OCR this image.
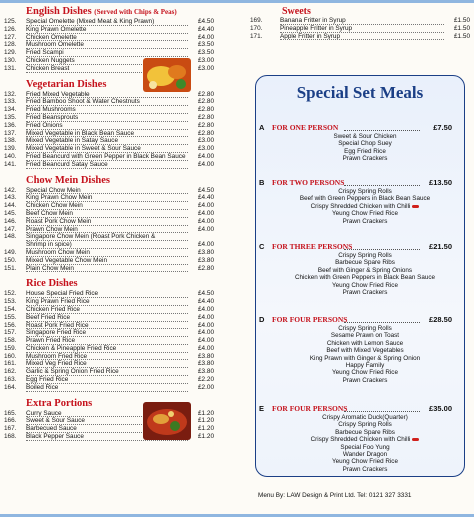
English Dishes (Served with Chips & Peas)
125.	Special Omelette (Mixed Meat & King Prawn)	£4.50
126.	King Prawn Omelette	£4.40
127.	Chicken Omelette	£4.00
128.	Mushroom Omelette	£3.50
129.	Fried Scampi	£3.50
130.	Chicken Nuggets	£3.00
131.	Chicken Breast	£3.00
Vegetarian Dishes
132.	Fried Mixed Vegetable	£2.80
133.	Fried Bamboo Shoot & Water Chestnuts	£2.80
134.	Fried Mushrooms	£2.80
135.	Fried Beansprouts	£2.80
136.	Fried Onions	£2.80
137.	Mixed Vegetable in Black Bean Sauce	£2.80
138.	Mixed Vegetable in Satay Sauce	£3.00
139.	Mixed Vegetable in Sweet & Sour Sauce	£3.00
140.	Fried Beancurd with Green Pepper in Black Bean Sauce	£4.00
141.	Fried Beancurd Satay Sauce	£4.00
Chow Mein Dishes
142.	Special Chow Mein	£4.50
143.	King Prawn Chow Mein	£4.40
144.	Chicken Chow Mein	£4.00
145.	Beef Chow Mein	£4.00
146.	Roast Pork Chow Mein	£4.00
147.	Prawn Chow Mein	£4.00
148.	Singapore Chow Mein (Roast Pork Chicken &
Shrimp in spice)	£4.00
149.	Mushroom Chow Mein	£3.80
150.	Mixed Vegetable Chow Mein	£3.80
151.	Plain Chow Mein	£2.80
Rice Dishes
152.	House Special Fried Rice	£4.50
153.	King Prawn Fried Rice	£4.40
154.	Chicken Fried Rice	£4.00
155.	Beef Fried Rice	£4.00
156.	Roast Pork Fried Rice	£4.00
157.	Singapore Fried Rice	£4.00
158.	Prawn Fried Rice	£4.00
159.	Chicken & Pineapple Fried Rice	£4.00
160.	Mushroom Fried Rice	£3.80
161.	Mixed Veg Fried Rice	£3.80
162.	Garlic & Spring Onion Fried Rice	£3.80
163.	Egg Fried Rice	£2.20
164.	Boiled Rice	£2.00
Extra Portions
165.	Curry Sauce	£1.20
166.	Sweet & Sour Sauce	£1.20
167.	Barbecued Sauce	£1.20
168.	Black Pepper Sauce	£1.20
Sweets
169.	Banana Fritter in Syrup	£1.50
170.	Pineapple Fritter in Syrup	£1.50
171.	Apple Fritter in Syrup	£1.50
Special Set Meals
A FOR ONE PERSON	£7.50
Sweet & Sour Chicken
Special Chop Suey
Egg Fried Rice
Prawn Crackers
B FOR TWO PERSONS	£13.50
Crispy Spring Rolls
Beef with Green Peppers in Black Bean Sauce
Crispy Shredded Chicken with Chilli
Yeung Chow Fried Rice
Prawn Crackers
C FOR THREE PERSONS	£21.50
Crispy Spring Rolls
Barbecue Spare Ribs
Beef with Ginger & Spring Onions
Chicken with Green Peppers in Black Bean Sauce
Yeung Chow Fried Rice
Prawn Crackers
D FOR FOUR PERSONS	£28.50
Crispy Spring Rolls
Sesame Prawn on Toast
Chicken with Lemon Sauce
Beef with Mixed Vegetables
King Prawn with Ginger & Spring Onion
Happy Family
Yeung Chow Fried Rice
Prawn Crackers
E FOR FOUR PERSONS	£35.00
Crispy Aromatic Duck(Quarter)
Crispy Spring Rolls
Barbecue Spare Ribs
Crispy Shredded Chicken with Chilli
Special Foo Yung
Wander Dragon
Yeung Chow Fried Rice
Prawn Crackers
Menu By: LAW Design & Print Ltd. Tel: 0121 327 3331
